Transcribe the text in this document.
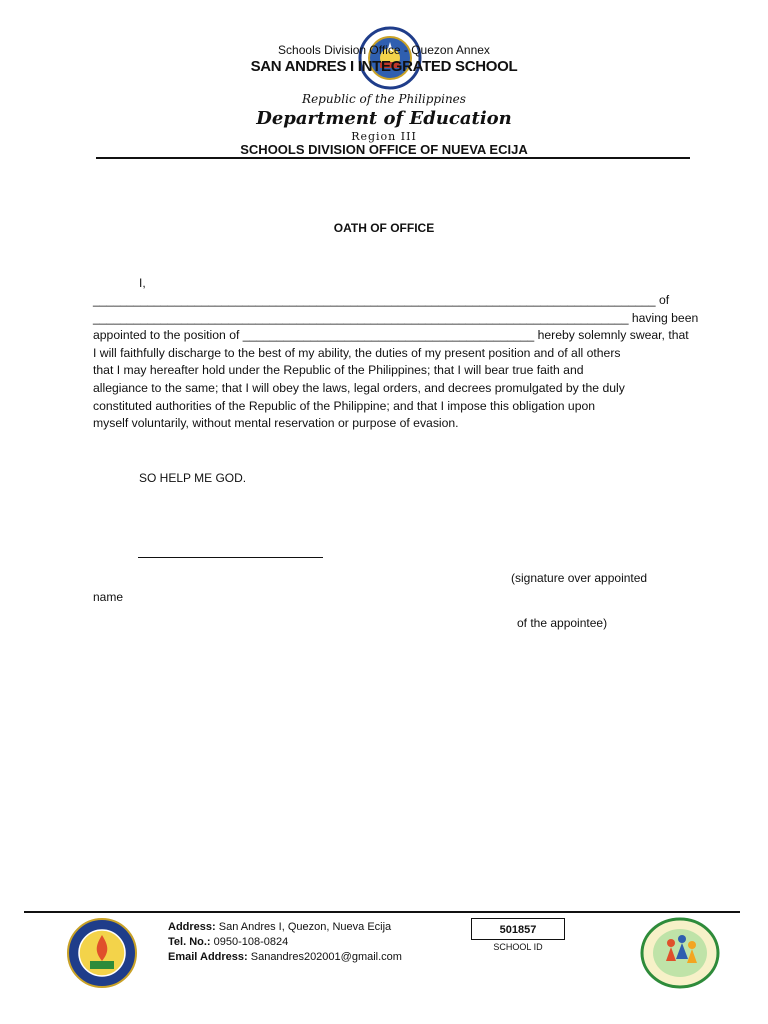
Schools Division Office - Quezon Annex
SAN ANDRES I INTEGRATED SCHOOL
Republic of the Philippines
Department of Education
Region III
SCHOOLS DIVISION OFFICE OF NUEVA ECIJA
OATH OF OFFICE
I,

___________________________________________________________________________________ of

_______________________________________________________________________________ having been

appointed to the position of ___________________________________________ hereby solemnly swear, that

I will faithfully discharge to the best of my ability, the duties of my present position and of all others

that I may hereafter hold under the Republic of the Philippines; that I will bear true faith and

allegiance to the same; that I will obey the laws, legal orders, and decrees promulgated by the duly

constituted authorities of the Republic of the Philippine; and that I impose this obligation upon

myself voluntarily, without mental reservation or purpose of evasion.

SO HELP ME GOD.
(signature over appointed
name
of the appointee)
Address: San Andres I, Quezon, Nueva Ecija
Tel. No.: 0950-108-0824
Email Address: Sanandres202001@gmail.com
501857
SCHOOL ID
